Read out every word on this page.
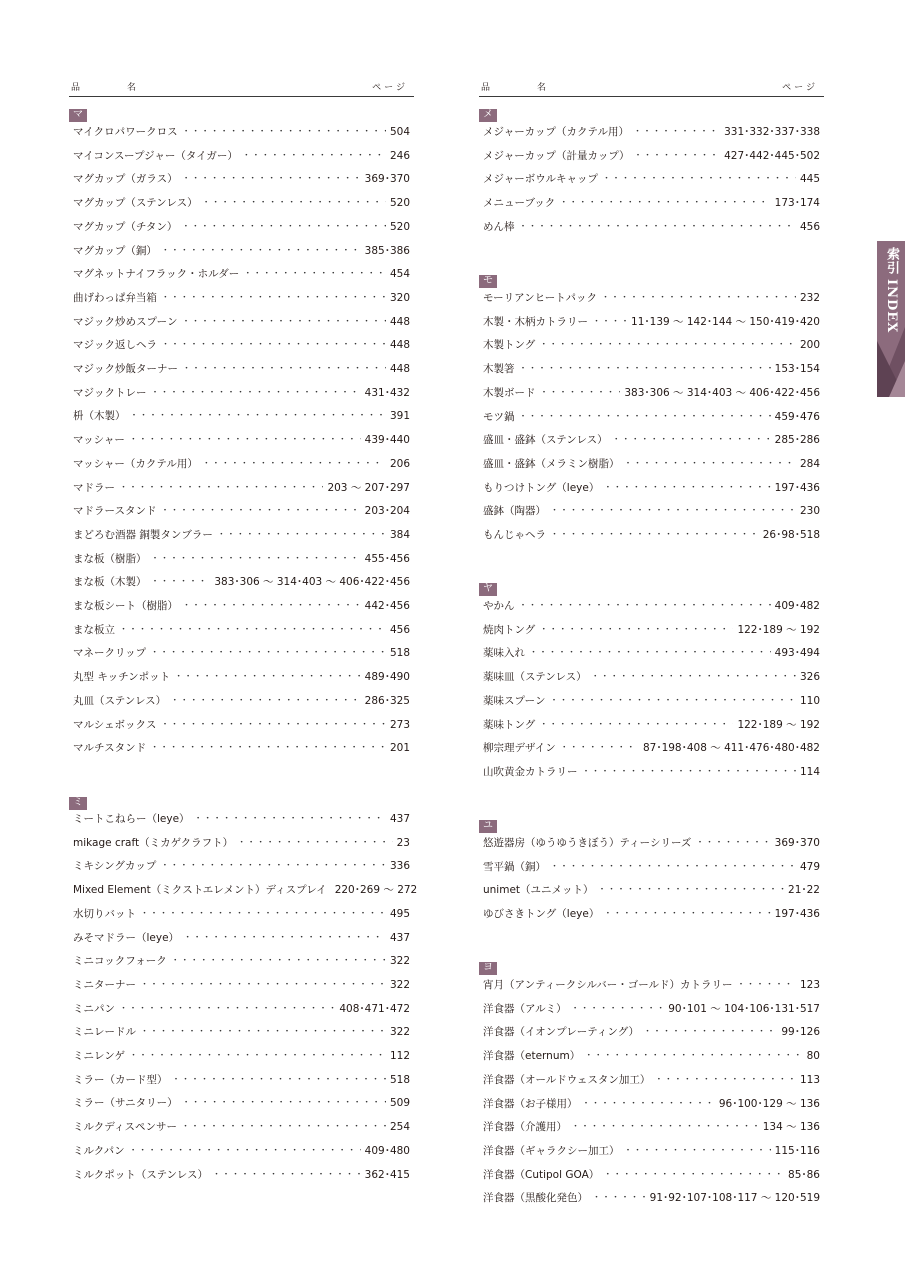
品	名	ページ
マ
マイクロパワークロス ・・・・・・・・・・・・・・・・・・・・・・・・・・・・・・・・・・・・・・・・・・・・	504
マイコンスープジャー（タイガー） ・・・・・・・・・・・・・・・・・・・・・・・・・・・・・・・・・・・・・・・・・・・・	246
マグカップ（ガラス） ・・・・・・・・・・・・・・・・・・・・・・・・・・・・・・・・・・・・・・・・・・・・	369･370
マグカップ（ステンレス） ・・・・・・・・・・・・・・・・・・・・・・・・・・・・・・・・・・・・・・・・・・・・	520
マグカップ（チタン） ・・・・・・・・・・・・・・・・・・・・・・・・・・・・・・・・・・・・・・・・・・・・	520
マグカップ（銅） ・・・・・・・・・・・・・・・・・・・・・・・・・・・・・・・・・・・・・・・・・・・・	385･386
マグネットナイフラック・ホルダー ・・・・・・・・・・・・・・・・・・・・・・・・・・・・・・・・・・・・・・・・・・・・	454
曲げわっぱ弁当箱 ・・・・・・・・・・・・・・・・・・・・・・・・・・・・・・・・・・・・・・・・・・・・	320
マジック炒めスプーン ・・・・・・・・・・・・・・・・・・・・・・・・・・・・・・・・・・・・・・・・・・・・	448
マジック返しヘラ ・・・・・・・・・・・・・・・・・・・・・・・・・・・・・・・・・・・・・・・・・・・・	448
マジック炒飯ターナー ・・・・・・・・・・・・・・・・・・・・・・・・・・・・・・・・・・・・・・・・・・・・	448
マジックトレー ・・・・・・・・・・・・・・・・・・・・・・・・・・・・・・・・・・・・・・・・・・・・	431･432
枡（木製） ・・・・・・・・・・・・・・・・・・・・・・・・・・・・・・・・・・・・・・・・・・・・	391
マッシャー ・・・・・・・・・・・・・・・・・・・・・・・・・・・・・・・・・・・・・・・・・・・・	439･440
マッシャー（カクテル用） ・・・・・・・・・・・・・・・・・・・・・・・・・・・・・・・・・・・・・・・・・・・・	206
マドラー ・・・・・・・・・・・・・・・・・・・・・・・・・・・・・・・・・・・・・・・・・・・・	203 〜 207･297
マドラースタンド ・・・・・・・・・・・・・・・・・・・・・・・・・・・・・・・・・・・・・・・・・・・・	203･204
まどろむ酒器 銅製タンブラー ・・・・・・・・・・・・・・・・・・・・・・・・・・・・・・・・・・・・・・・・・・・・	384
まな板（樹脂） ・・・・・・・・・・・・・・・・・・・・・・・・・・・・・・・・・・・・・・・・・・・・	455･456
まな板（木製） ・・・・・・・・・・・・・・・・・・・・・・・・・・・・・・・・・・・・・・・・・・・・	383･306 〜 314･403 〜 406･422･456
まな板シート（樹脂） ・・・・・・・・・・・・・・・・・・・・・・・・・・・・・・・・・・・・・・・・・・・・	442･456
まな板立 ・・・・・・・・・・・・・・・・・・・・・・・・・・・・・・・・・・・・・・・・・・・・	456
マネークリップ ・・・・・・・・・・・・・・・・・・・・・・・・・・・・・・・・・・・・・・・・・・・・	518
丸型 キッチンポット ・・・・・・・・・・・・・・・・・・・・・・・・・・・・・・・・・・・・・・・・・・・・	489･490
丸皿（ステンレス） ・・・・・・・・・・・・・・・・・・・・・・・・・・・・・・・・・・・・・・・・・・・・	286･325
マルシェボックス ・・・・・・・・・・・・・・・・・・・・・・・・・・・・・・・・・・・・・・・・・・・・	273
マルチスタンド ・・・・・・・・・・・・・・・・・・・・・・・・・・・・・・・・・・・・・・・・・・・・	201
ミ
ミートこねらー（leye） ・・・・・・・・・・・・・・・・・・・・・・・・・・・・・・・・・・・・・・・・・・・・	437
mikage craft（ミカゲクラフト） ・・・・・・・・・・・・・・・・・・・・・・・・・・・・・・・・・・・・・・・・・・・・	23
ミキシングカップ ・・・・・・・・・・・・・・・・・・・・・・・・・・・・・・・・・・・・・・・・・・・・	336
Mixed Element（ミクストエレメント）ディスプレイ 220･269 〜 272
水切りバット ・・・・・・・・・・・・・・・・・・・・・・・・・・・・・・・・・・・・・・・・・・・・	495
みそマドラー（leye） ・・・・・・・・・・・・・・・・・・・・・・・・・・・・・・・・・・・・・・・・・・・・	437
ミニコックフォーク ・・・・・・・・・・・・・・・・・・・・・・・・・・・・・・・・・・・・・・・・・・・・	322
ミニターナー ・・・・・・・・・・・・・・・・・・・・・・・・・・・・・・・・・・・・・・・・・・・・	322
ミニパン ・・・・・・・・・・・・・・・・・・・・・・・・・・・・・・・・・・・・・・・・・・・・	408･471･472
ミニレードル ・・・・・・・・・・・・・・・・・・・・・・・・・・・・・・・・・・・・・・・・・・・・	322
ミニレンゲ ・・・・・・・・・・・・・・・・・・・・・・・・・・・・・・・・・・・・・・・・・・・・	112
ミラー（カード型） ・・・・・・・・・・・・・・・・・・・・・・・・・・・・・・・・・・・・・・・・・・・・	518
ミラー（サニタリー） ・・・・・・・・・・・・・・・・・・・・・・・・・・・・・・・・・・・・・・・・・・・・	509
ミルクディスペンサー ・・・・・・・・・・・・・・・・・・・・・・・・・・・・・・・・・・・・・・・・・・・・	254
ミルクパン ・・・・・・・・・・・・・・・・・・・・・・・・・・・・・・・・・・・・・・・・・・・・	409･480
ミルクポット（ステンレス） ・・・・・・・・・・・・・・・・・・・・・・・・・・・・・・・・・・・・・・・・・・・・	362･415
品	名	ページ
メ
メジャーカップ（カクテル用） ・・・・・・・・・・・・・・・・・・・・・・・・・・・・・・・・・・・・・・・・・・・・	331･332･337･338
メジャーカップ（計量カップ） ・・・・・・・・・・・・・・・・・・・・・・・・・・・・・・・・・・・・・・・・・・・・	427･442･445･502
メジャーボウルキャップ ・・・・・・・・・・・・・・・・・・・・・・・・・・・・・・・・・・・・・・・・・・・・	445
メニューブック ・・・・・・・・・・・・・・・・・・・・・・・・・・・・・・・・・・・・・・・・・・・・	173･174
めん棒 ・・・・・・・・・・・・・・・・・・・・・・・・・・・・・・・・・・・・・・・・・・・・	456
モ
モーリアンヒートパック ・・・・・・・・・・・・・・・・・・・・・・・・・・・・・・・・・・・・・・・・・・・・	232
木製・木柄カトラリー ・・・・・・・・・・・・・・・・・・・・・・・・・・・・・・・・・・・・・・・・・・・・	11･139 〜 142･144 〜 150･419･420
木製トング ・・・・・・・・・・・・・・・・・・・・・・・・・・・・・・・・・・・・・・・・・・・・	200
木製箸 ・・・・・・・・・・・・・・・・・・・・・・・・・・・・・・・・・・・・・・・・・・・・	153･154
木製ボード ・・・・・・・・・・・・・・・・・・・・・・・・・・・・・・・・・・・・・・・・・・・・	383･306 〜 314･403 〜 406･422･456
モツ鍋 ・・・・・・・・・・・・・・・・・・・・・・・・・・・・・・・・・・・・・・・・・・・・	459･476
盛皿・盛鉢（ステンレス） ・・・・・・・・・・・・・・・・・・・・・・・・・・・・・・・・・・・・・・・・・・・・	285･286
盛皿・盛鉢（メラミン樹脂） ・・・・・・・・・・・・・・・・・・・・・・・・・・・・・・・・・・・・・・・・・・・・	284
もりつけトング（leye） ・・・・・・・・・・・・・・・・・・・・・・・・・・・・・・・・・・・・・・・・・・・・	197･436
盛鉢（陶器） ・・・・・・・・・・・・・・・・・・・・・・・・・・・・・・・・・・・・・・・・・・・・	230
もんじゃヘラ ・・・・・・・・・・・・・・・・・・・・・・・・・・・・・・・・・・・・・・・・・・・・	26･98･518
ヤ
やかん ・・・・・・・・・・・・・・・・・・・・・・・・・・・・・・・・・・・・・・・・・・・・	409･482
焼肉トング ・・・・・・・・・・・・・・・・・・・・・・・・・・・・・・・・・・・・・・・・・・・・	122･189 〜 192
薬味入れ ・・・・・・・・・・・・・・・・・・・・・・・・・・・・・・・・・・・・・・・・・・・・	493･494
薬味皿（ステンレス） ・・・・・・・・・・・・・・・・・・・・・・・・・・・・・・・・・・・・・・・・・・・・	326
薬味スプーン ・・・・・・・・・・・・・・・・・・・・・・・・・・・・・・・・・・・・・・・・・・・・	110
薬味トング ・・・・・・・・・・・・・・・・・・・・・・・・・・・・・・・・・・・・・・・・・・・・	122･189 〜 192
柳宗理デザイン ・・・・・・・・・・・・・・・・・・・・・・・・・・・・・・・・・・・・・・・・・・・・	87･198･408 〜 411･476･480･482
山吹黄金カトラリー ・・・・・・・・・・・・・・・・・・・・・・・・・・・・・・・・・・・・・・・・・・・・	114
ユ
悠遊器房（ゆうゆうきぼう）ティーシリーズ ・・・・・・・・・・・・・・・・・・・・・・・・・・・・・・・・・・・・・・・・・・・・	369･370
雪平鍋（銅） ・・・・・・・・・・・・・・・・・・・・・・・・・・・・・・・・・・・・・・・・・・・・	479
unimet（ユニメット） ・・・・・・・・・・・・・・・・・・・・・・・・・・・・・・・・・・・・・・・・・・・・	21･22
ゆびさきトング（leye） ・・・・・・・・・・・・・・・・・・・・・・・・・・・・・・・・・・・・・・・・・・・・	197･436
ヨ
宵月（アンティークシルバー・ゴールド）カトラリー ・・・・・・・・・・・・・・・・・・・・・・・・・・・・・・・・・・・・・・・・・・・・	123
洋食器（アルミ） ・・・・・・・・・・・・・・・・・・・・・・・・・・・・・・・・・・・・・・・・・・・・	90･101 〜 104･106･131･517
洋食器（イオンプレーティング） ・・・・・・・・・・・・・・・・・・・・・・・・・・・・・・・・・・・・・・・・・・・・	99･126
洋食器（eternum） ・・・・・・・・・・・・・・・・・・・・・・・・・・・・・・・・・・・・・・・・・・・・	80
洋食器（オールドウェスタン加工） ・・・・・・・・・・・・・・・・・・・・・・・・・・・・・・・・・・・・・・・・・・・・	113
洋食器（お子様用） ・・・・・・・・・・・・・・・・・・・・・・・・・・・・・・・・・・・・・・・・・・・・	96･100･129 〜 136
洋食器（介護用） ・・・・・・・・・・・・・・・・・・・・・・・・・・・・・・・・・・・・・・・・・・・・	134 〜 136
洋食器（ギャラクシー加工） ・・・・・・・・・・・・・・・・・・・・・・・・・・・・・・・・・・・・・・・・・・・・	115･116
洋食器（Cutipol GOA） ・・・・・・・・・・・・・・・・・・・・・・・・・・・・・・・・・・・・・・・・・・・・	85･86
洋食器（黒酸化発色） ・・・・・・・・・・・・・・・・・・・・・・・・・・・・・・・・・・・・・・・・・・・・	91･92･107･108･117 〜 120･519
索引INDEX
